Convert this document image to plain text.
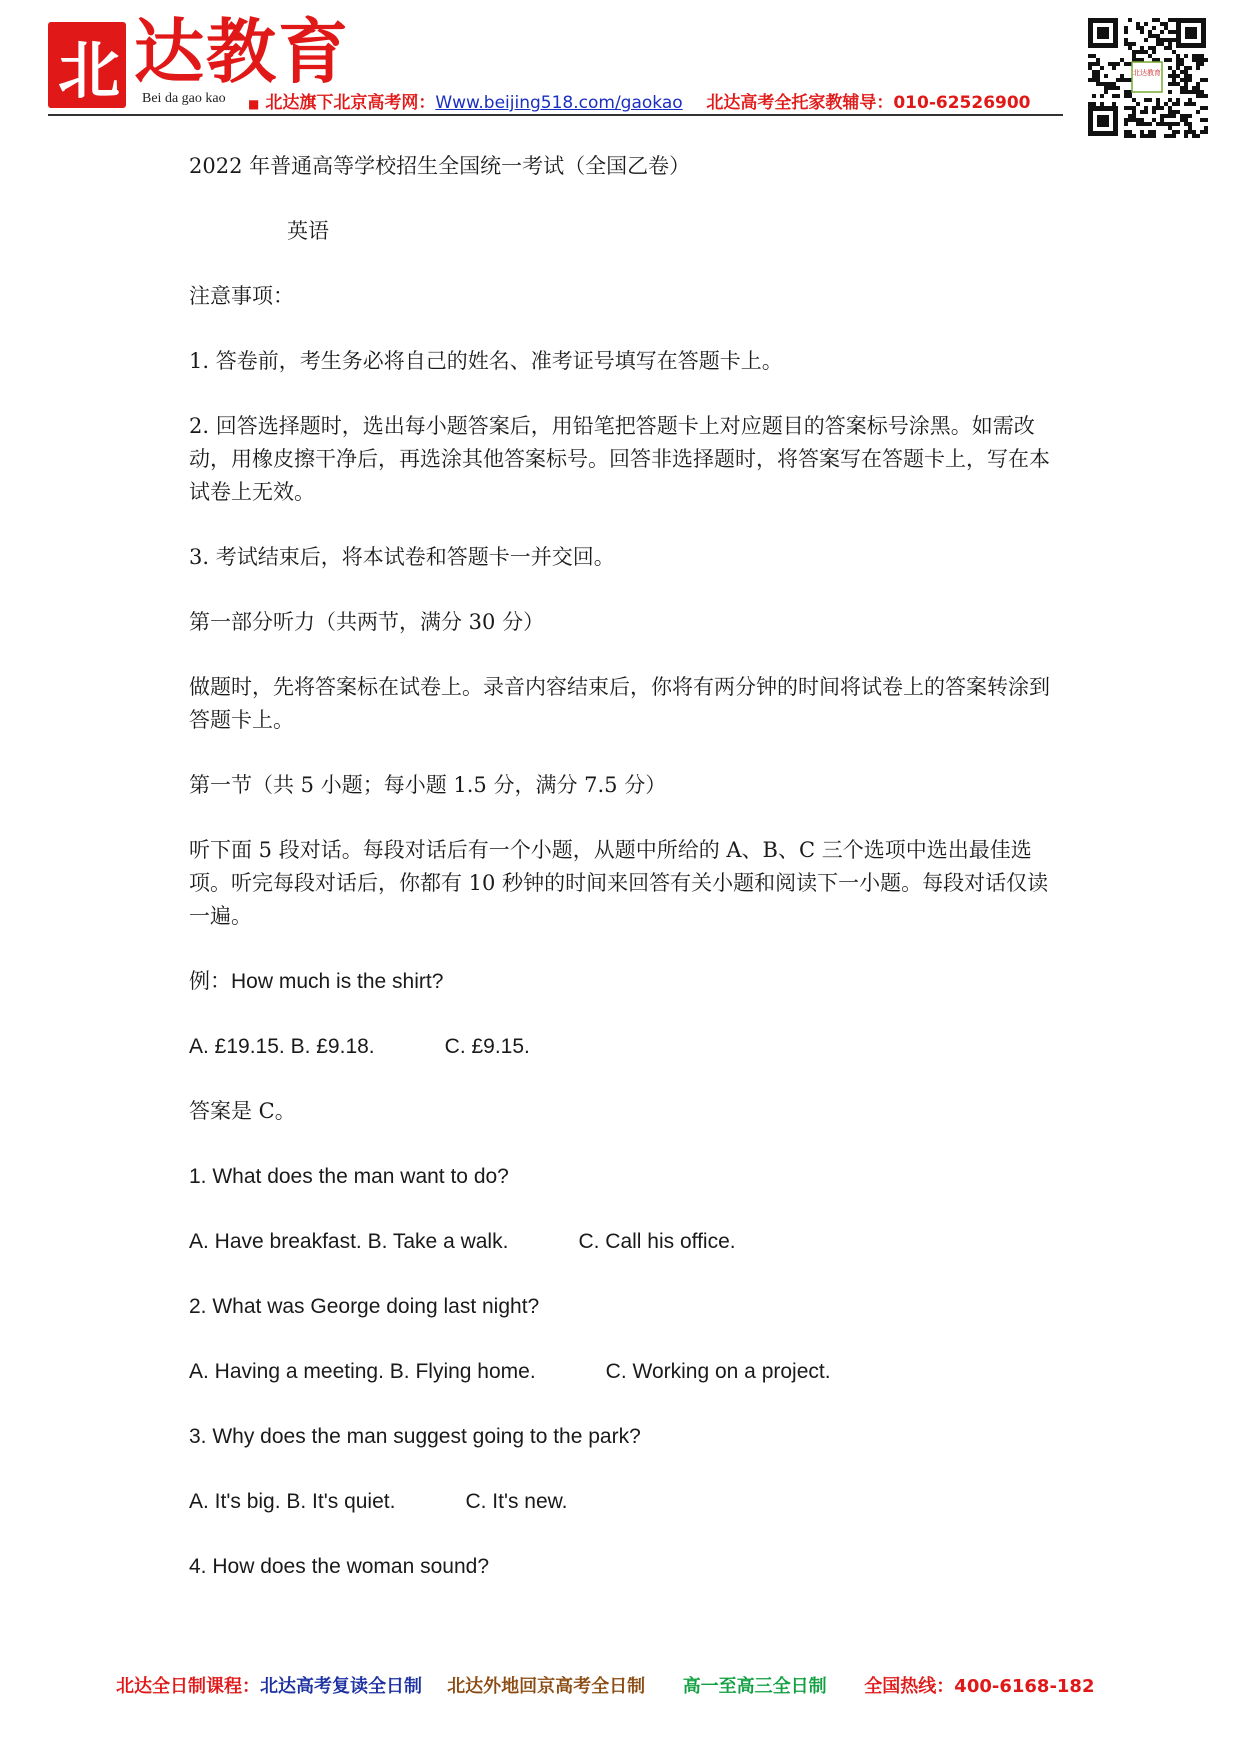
北 达教育
Bei da gao kao ■ 北达旗下北京高考网：Www.beijing518.com/gaokao 北达高考全托家教辅导：010-62526900
北达教育

2022 年普通高等学校招生全国统一考试（全国乙卷）

英语

注意事项：

1. 答卷前，考生务必将自己的姓名、准考证号填写在答题卡上。

2. 回答选择题时，选出每小题答案后，用铅笔把答题卡上对应题目的答案标号涂黑。如需改动，用橡皮擦干净后，再选涂其他答案标号。回答非选择题时，将答案写在答题卡上，写在本试卷上无效。

3. 考试结束后，将本试卷和答题卡一并交回。

第一部分听力（共两节，满分 30 分）

做题时，先将答案标在试卷上。录音内容结束后，你将有两分钟的时间将试卷上的答案转涂到答题卡上。

第一节（共 5 小题；每小题 1.5 分，满分 7.5 分）

听下面 5 段对话。每段对话后有一个小题，从题中所给的 A、B、C 三个选项中选出最佳选项。听完每段对话后，你都有 10 秒钟的时间来回答有关小题和阅读下一小题。每段对话仅读一遍。

例：How much is the shirt?

A. £19.15. B. £9.18.            C. £9.15.

答案是 C。

1. What does the man want to do?

A. Have breakfast. B. Take a walk.            C. Call his office.

2. What was George doing last night?

A. Having a meeting. B. Flying home.            C. Working on a project.

3. Why does the man suggest going to the park?

A. It's big. B. It's quiet.            C. It's new.

4. How does the woman sound?

北达全日制课程：北达高考复读全日制 北达外地回京高考全日制 高一至高三全日制 全国热线：400-6168-182
